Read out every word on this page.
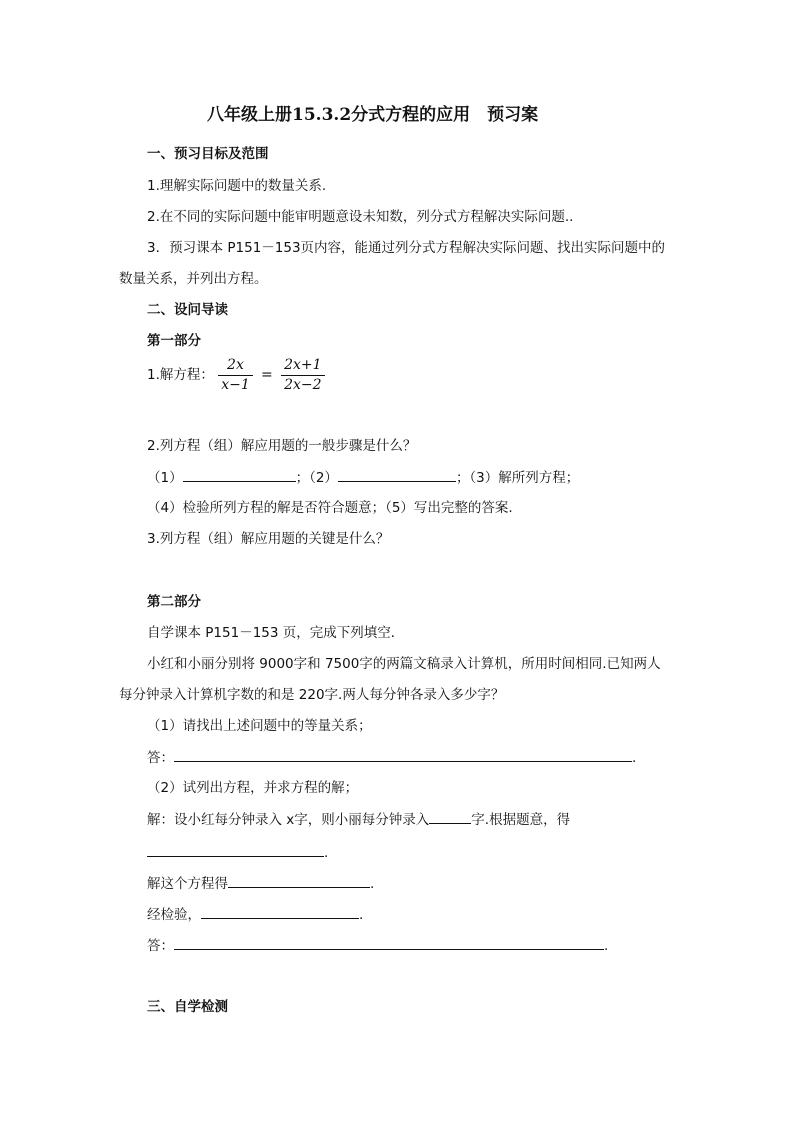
八年级上册15.3.2分式方程的应用　预习案
一、预习目标及范围
1.理解实际问题中的数量关系.
2.在不同的实际问题中能审明题意设未知数，列分式方程解决实际问题..
3．预习课本 P151－153页内容，能通过列分式方程解决实际问题、找出实际问题中的
数量关系，并列出方程。
二、设问导读
第一部分
1.解方程： $\frac{2x}{x-1} = \frac{2x+1}{2x-2}$
2.列方程（组）解应用题的一般步骤是什么？
（1）	；（2）	；（3）解所列方程；
（4）检验所列方程的解是否符合题意；（5）写出完整的答案.
3.列方程（组）解应用题的关键是什么？
第二部分
自学课本 P151－153 页，完成下列填空．
小红和小丽分别将 9000字和 7500字的两篇文稿录入计算机，所用时间相同.已知两人
每分钟录入计算机字数的和是 220字.两人每分钟各录入多少字？
（1）请找出上述问题中的等量关系；
答：	.
（2）试列出方程，并求方程的解；
解：设小红每分钟录入 x字，则小丽每分钟录入	字.根据题意，得
.
解这个方程得	.
经检验，	.
答：	.
三、自学检测
